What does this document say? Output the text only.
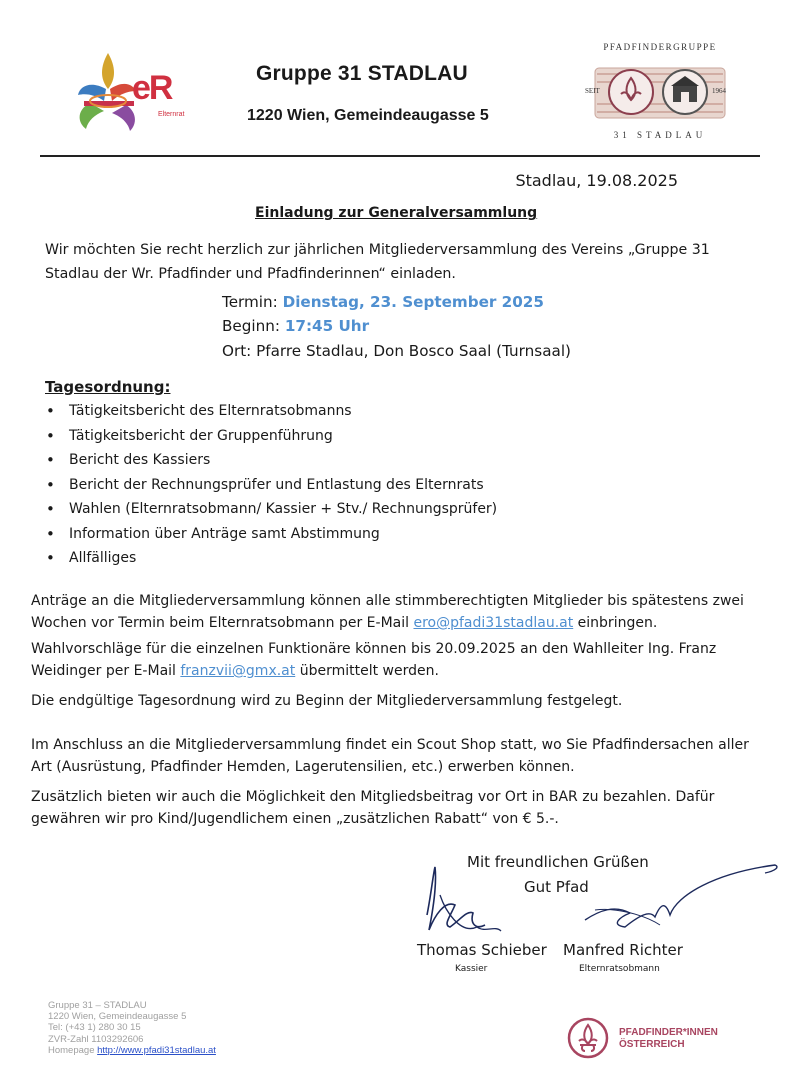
eR
Elternrat
Gruppe 31 STADLAU
1220 Wien, Gemeindeaugasse 5
PFADFINDERGRUPPE
31 STADLAU
SEIT	1964
Stadlau, 19.08.2025
Einladung zur Generalversammlung
Wir möchten Sie recht herzlich zur jährlichen Mitgliederversammlung des Vereins „Gruppe 31 Stadlau der Wr. Pfadfinder und Pfadfinderinnen“ einladen.
Termin: Dienstag, 23. September 2025
Beginn: 17:45 Uhr
Ort: Pfarre Stadlau, Don Bosco Saal (Turnsaal)
Tagesordnung:
• Tätigkeitsbericht des Elternratsobmanns
• Tätigkeitsbericht der Gruppenführung
• Bericht des Kassiers
• Bericht der Rechnungsprüfer und Entlastung des Elternrats
• Wahlen (Elternratsobmann/ Kassier + Stv./ Rechnungsprüfer)
• Information über Anträge samt Abstimmung
• Allfälliges
Anträge an die Mitgliederversammlung können alle stimmberechtigten Mitglieder bis spätestens zwei Wochen vor Termin beim Elternratsobmann per E-Mail ero@pfadi31stadlau.at einbringen.
Wahlvorschläge für die einzelnen Funktionäre können bis 20.09.2025 an den Wahlleiter Ing. Franz Weidinger per E-Mail franzvii@gmx.at übermittelt werden.
Die endgültige Tagesordnung wird zu Beginn der Mitgliederversammlung festgelegt.
Im Anschluss an die Mitgliederversammlung findet ein Scout Shop statt, wo Sie Pfadfindersachen aller Art (Ausrüstung, Pfadfinder Hemden, Lagerutensilien, etc.) erwerben können.
Zusätzlich bieten wir auch die Möglichkeit den Mitgliedsbeitrag vor Ort in BAR zu bezahlen. Dafür gewähren wir pro Kind/Jugendlichem einen „zusätzlichen Rabatt“ von € 5.-.
Mit freundlichen Grüßen
Gut Pfad
Thomas Schieber
Kassier
Manfred Richter
Elternratsobmann
Gruppe 31 – STADLAU
1220 Wien, Gemeindeaugasse 5
Tel: (+43 1) 280 30 15
ZVR-Zahl 1103292606
Homepage http://www.pfadi31stadlau.at
PFADFINDER*INNEN
ÖSTERREICH
